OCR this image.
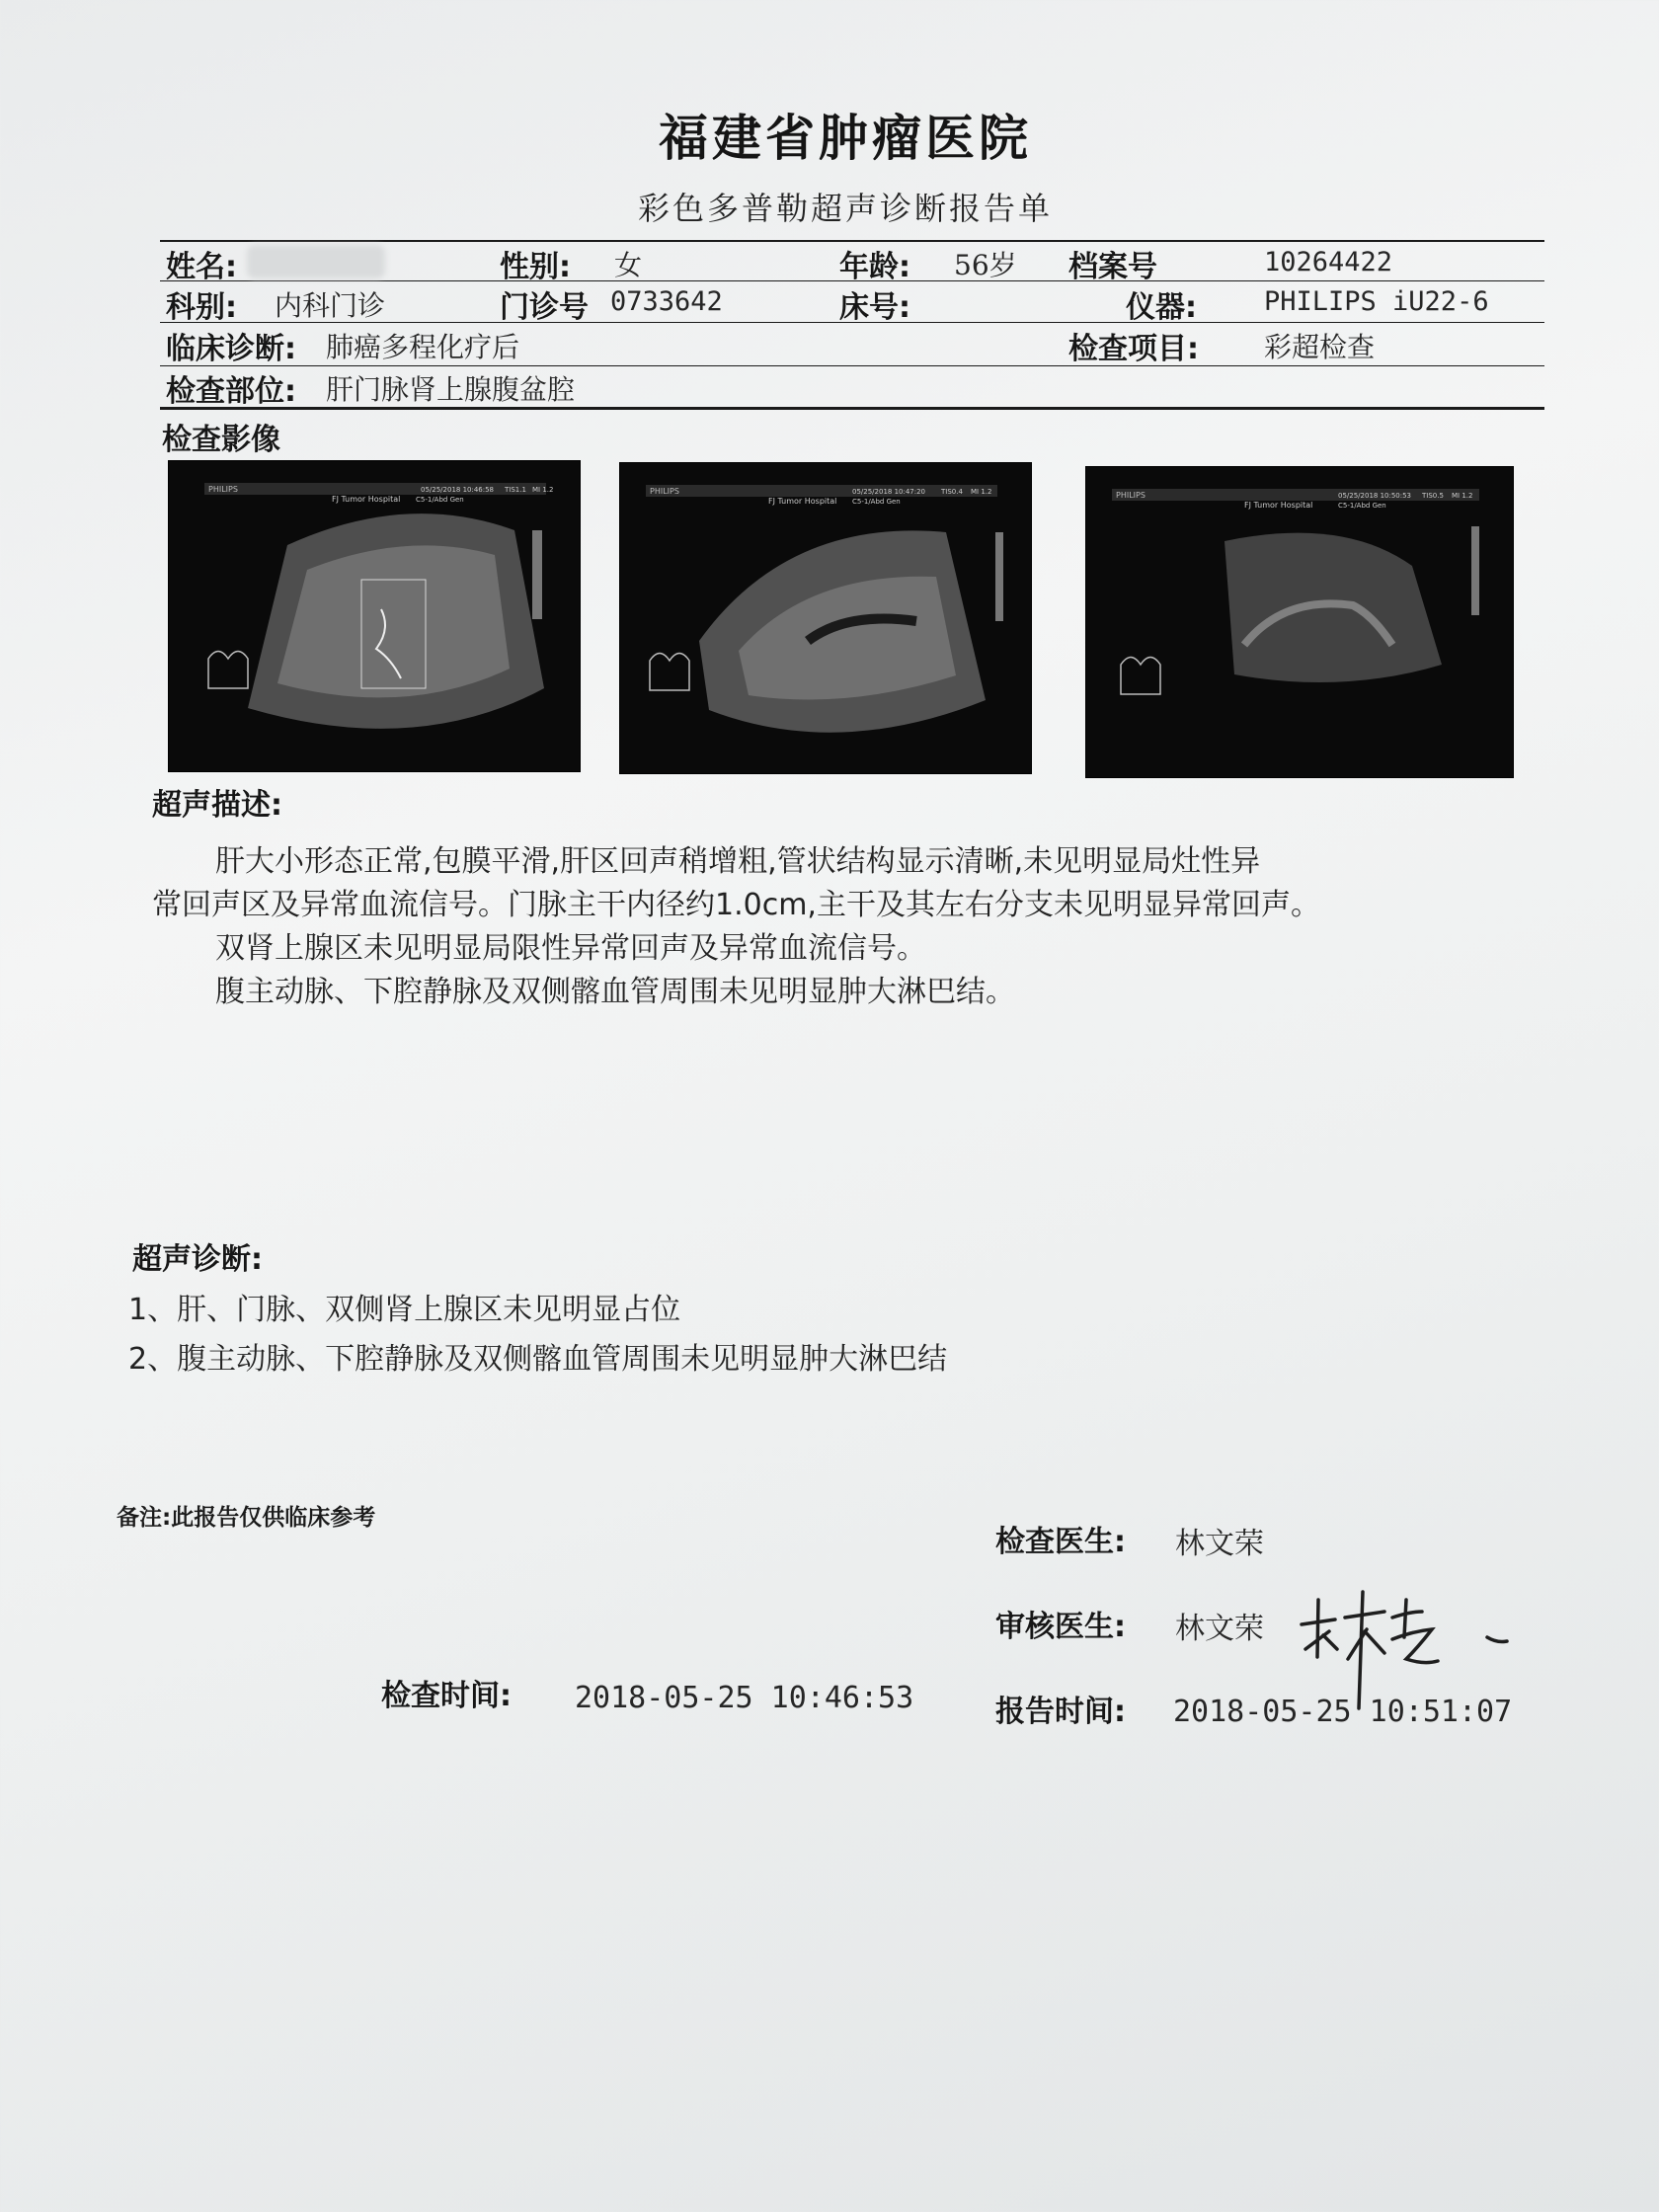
福建省肿瘤医院
彩色多普勒超声诊断报告单
姓名:	性别: 女	年龄: 56岁 档案号	10264422
科别: 内科门诊	门诊号 0733642	床号:	仪器:	PHILIPS iU22-6
临床诊断: 肺癌多程化疗后	检查项目: 彩超检查
检查部位: 肝门脉肾上腺腹盆腔
检查影像
PHILIPS
FJ Tumor Hospital
05/25/2018 10:46:58
C5-1/Abd Gen
TIS1.1 MI 1.2	PHILIPS
FJ Tumor Hospital
05/25/2018 10:47:20
C5-1/Abd Gen
TIS0.4 MI 1.2	PHILIPS
FJ Tumor Hospital
05/25/2018 10:50:53
C5-1/Abd Gen
TIS0.5 MI 1.2
超声描述:
肝大小形态正常,包膜平滑,肝区回声稍增粗,管状结构显示清晰,未见明显局灶性异
常回声区及异常血流信号。门脉主干内径约1.0cm,主干及其左右分支未见明显异常回声。
双肾上腺区未见明显局限性异常回声及异常血流信号。
腹主动脉、下腔静脉及双侧髂血管周围未见明显肿大淋巴结。
超声诊断:
1、肝、门脉、双侧肾上腺区未见明显占位
2、腹主动脉、下腔静脉及双侧髂血管周围未见明显肿大淋巴结
备注:此报告仅供临床参考
检查医生: 林文荣
审核医生: 林文荣
检查时间: 2018-05-25 10:46:53	报告时间: 2018-05-25 10:51:07
